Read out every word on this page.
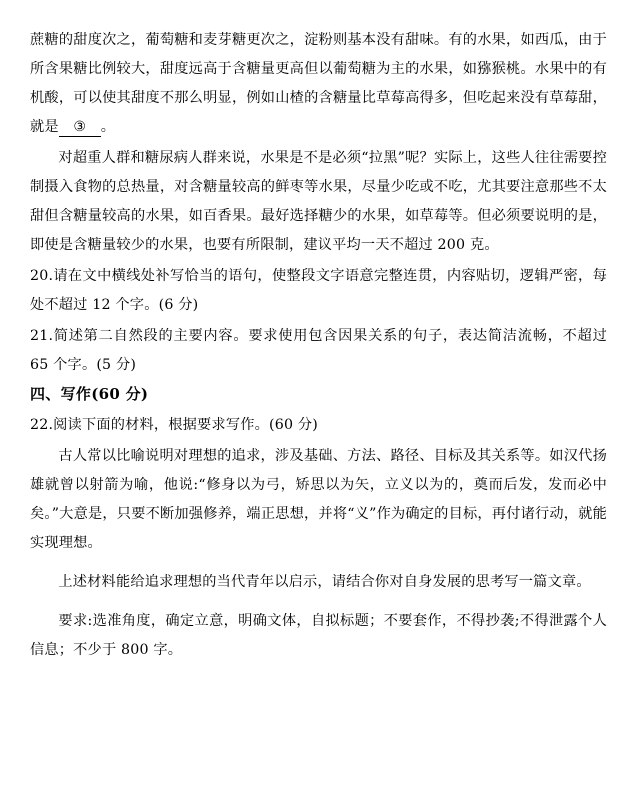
蔗糖的甜度次之，葡萄糖和麦芽糖更次之，淀粉则基本没有甜味。有的水果，如西瓜，由于所含果糖比例较大，甜度远高于含糖量更高但以葡萄糖为主的水果，如猕猴桃。水果中的有机酸，可以使其甜度不那么明显，例如山楂的含糖量比草莓高得多，但吃起来没有草莓甜，就是 ③ 。

对超重人群和糖尿病人群来说，水果是不是必须“拉黑”呢？实际上，这些人往往需要控制摄入食物的总热量，对含糖量较高的鲜枣等水果，尽量少吃或不吃，尤其要注意那些不太甜但含糖量较高的水果，如百香果。最好选择糖少的水果，如草莓等。但必须要说明的是，即使是含糖量较少的水果，也要有所限制，建议平均一天不超过 200 克。

20.请在文中横线处补写恰当的语句，使整段文字语意完整连贯，内容贴切，逻辑严密，每处不超过 12 个字。(6 分)

21.简述第二自然段的主要内容。要求使用包含因果关系的句子，表达简洁流畅，不超过 65 个字。(5 分)

四、写作(60 分)

22.阅读下面的材料，根据要求写作。(60 分)

古人常以比喻说明对理想的追求，涉及基础、方法、路径、目标及其关系等。如汉代扬雄就曾以射箭为喻，他说:“修身以为弓，矫思以为矢，立义以为的，奠而后发，发而必中矣。”大意是，只要不断加强修养，端正思想，并将“义”作为确定的目标，再付诸行动，就能实现理想。

上述材料能给追求理想的当代青年以启示，请结合你对自身发展的思考写一篇文章。

要求:选准角度，确定立意，明确文体，自拟标题；不要套作，不得抄袭;不得泄露个人信息；不少于 800 字。
